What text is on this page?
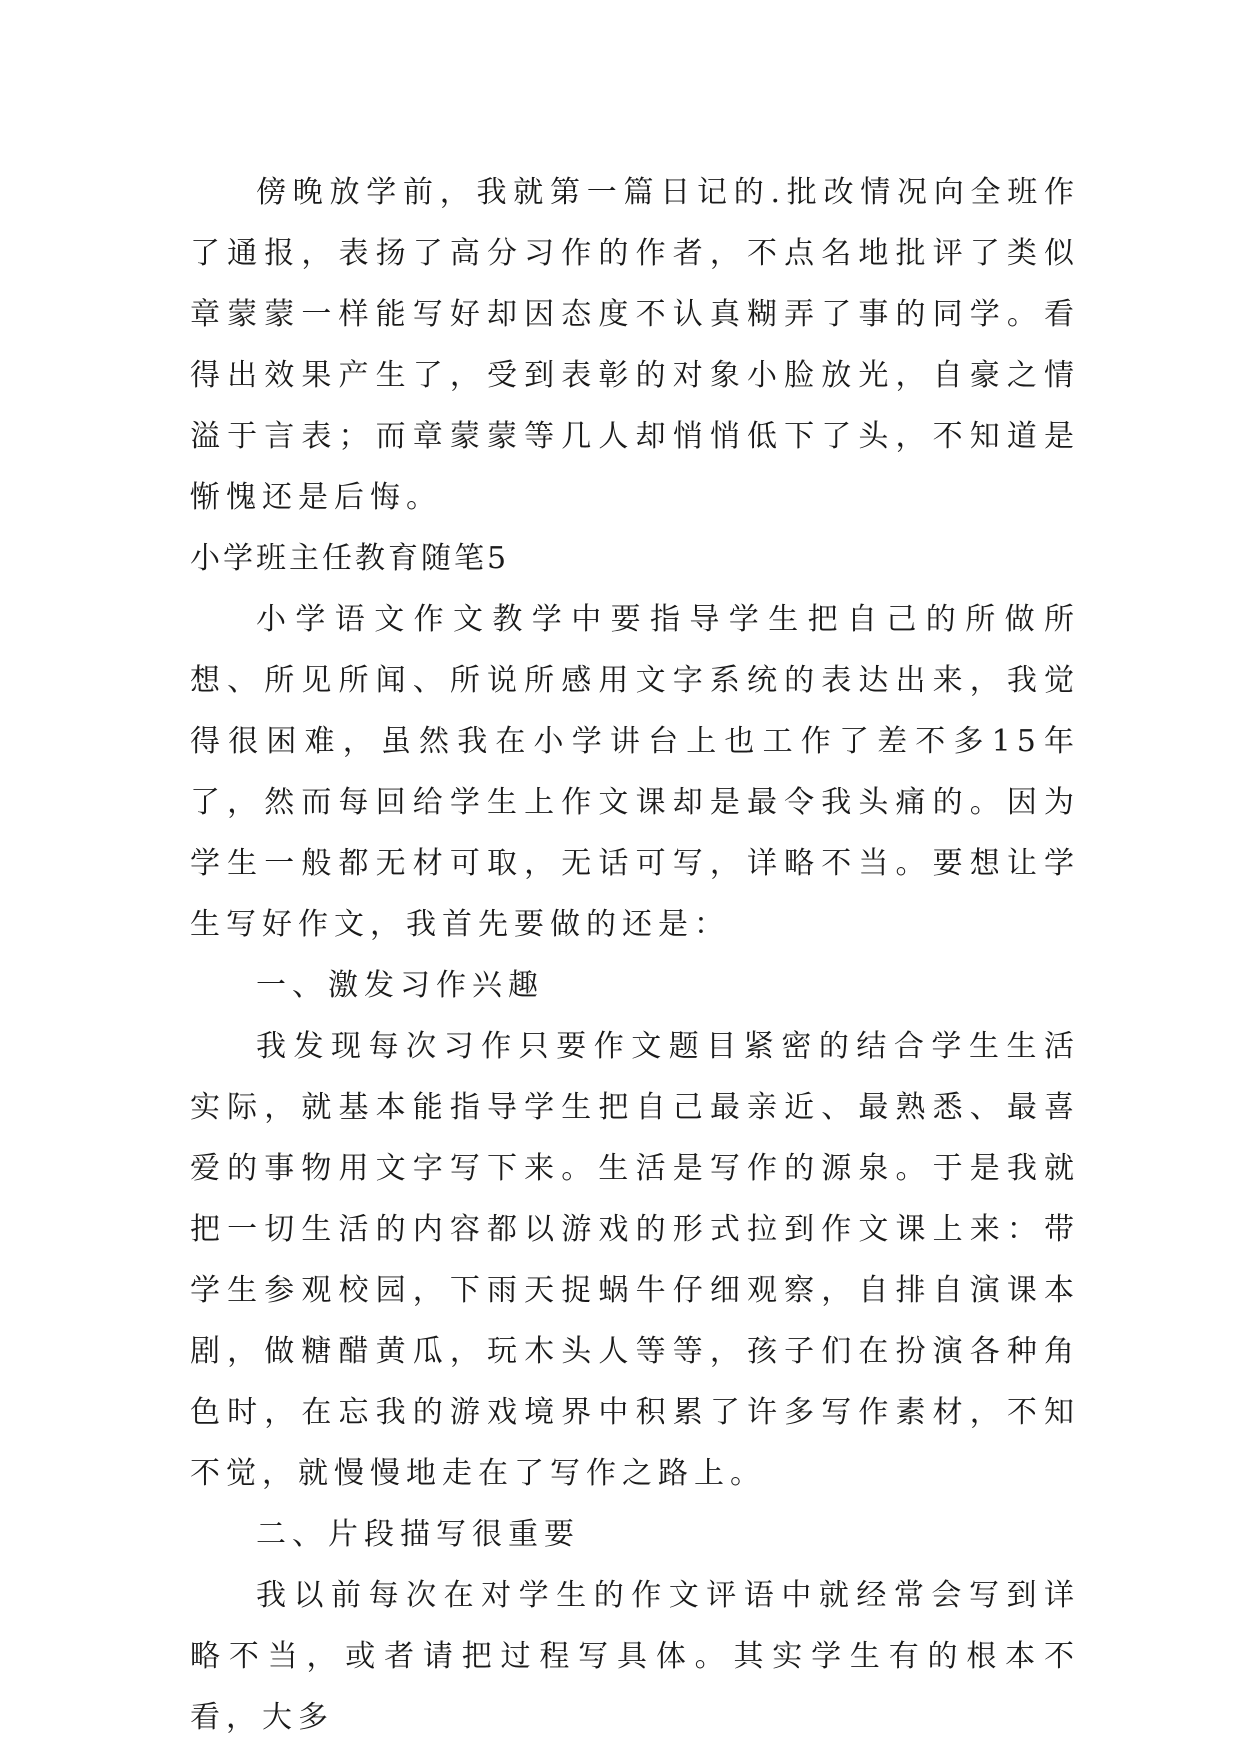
傍晚放学前，我就第一篇日记的.批改情况向全班作了通报，表扬了高分习作的作者，不点名地批评了类似章蒙蒙一样能写好却因态度不认真糊弄了事的同学。看得出效果产生了，受到表彰的对象小脸放光，自豪之情溢于言表；而章蒙蒙等几人却悄悄低下了头，不知道是惭愧还是后悔。

小学班主任教育随笔5

小学语文作文教学中要指导学生把自己的所做所想、所见所闻、所说所感用文字系统的表达出来，我觉得很困难，虽然我在小学讲台上也工作了差不多15年了，然而每回给学生上作文课却是最令我头痛的。因为学生一般都无材可取，无话可写，详略不当。要想让学生写好作文，我首先要做的还是：

一、激发习作兴趣

我发现每次习作只要作文题目紧密的结合学生生活实际，就基本能指导学生把自己最亲近、最熟悉、最喜爱的事物用文字写下来。生活是写作的源泉。于是我就把一切生活的内容都以游戏的形式拉到作文课上来：带学生参观校园，下雨天捉蜗牛仔细观察，自排自演课本剧，做糖醋黄瓜，玩木头人等等，孩子们在扮演各种角色时，在忘我的游戏境界中积累了许多写作素材，不知不觉，就慢慢地走在了写作之路上。

二、片段描写很重要

我以前每次在对学生的作文评语中就经常会写到详略不当，或者请把过程写具体。其实学生有的根本不看，大多
